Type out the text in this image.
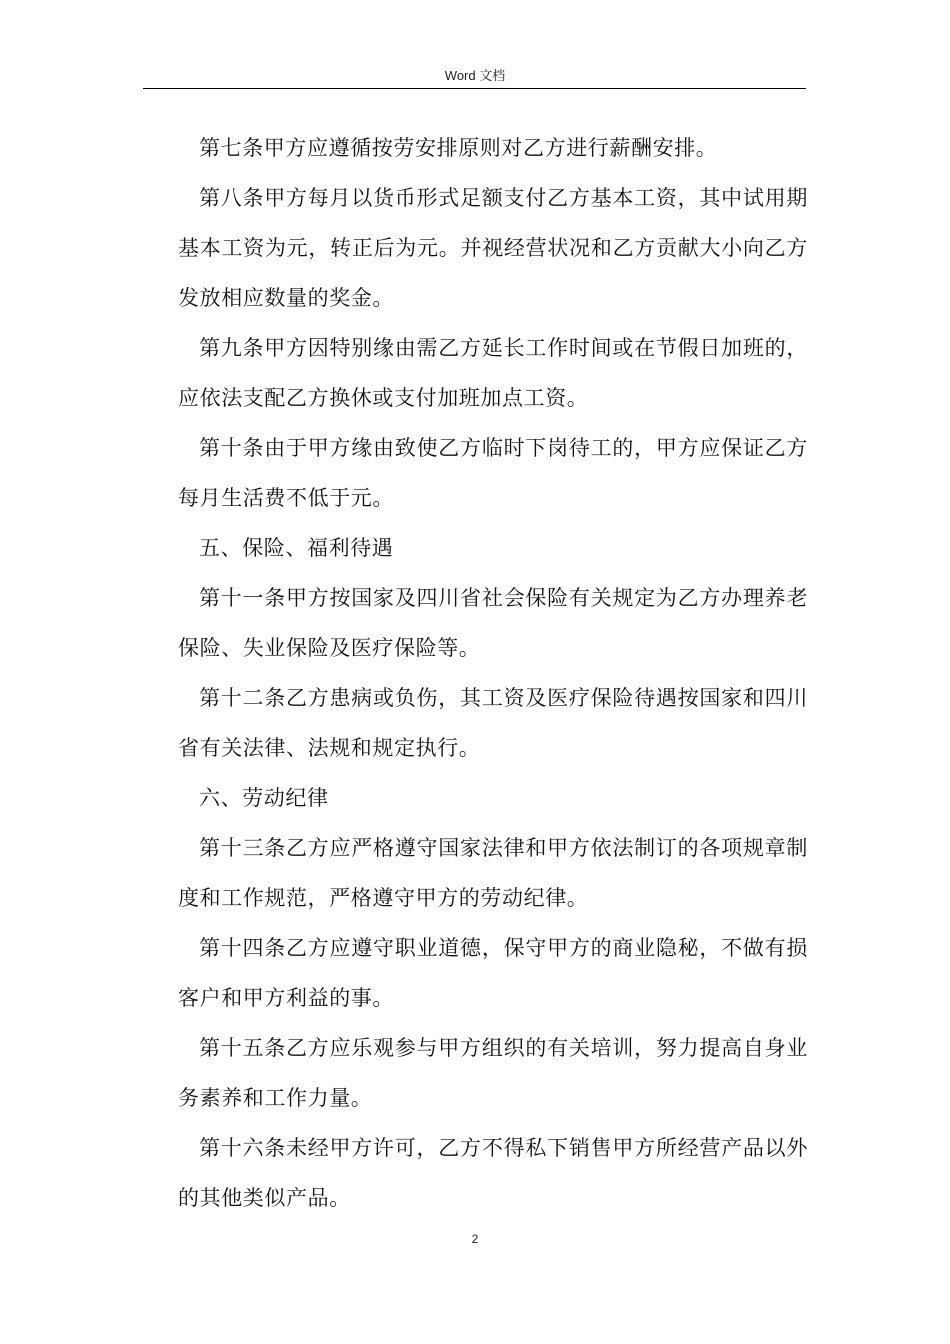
Word 文档

第七条甲方应遵循按劳安排原则对乙方进行薪酬安排。

第八条甲方每月以货币形式足额支付乙方基本工资，其中试用期基本工资为元，转正后为元。并视经营状况和乙方贡献大小向乙方发放相应数量的奖金。

第九条甲方因特别缘由需乙方延长工作时间或在节假日加班的，应依法支配乙方换休或支付加班加点工资。

第十条由于甲方缘由致使乙方临时下岗待工的，甲方应保证乙方每月生活费不低于元。

五、保险、福利待遇

第十一条甲方按国家及四川省社会保险有关规定为乙方办理养老保险、失业保险及医疗保险等。

第十二条乙方患病或负伤，其工资及医疗保险待遇按国家和四川省有关法律、法规和规定执行。

六、劳动纪律

第十三条乙方应严格遵守国家法律和甲方依法制订的各项规章制度和工作规范，严格遵守甲方的劳动纪律。

第十四条乙方应遵守职业道德，保守甲方的商业隐秘，不做有损客户和甲方利益的事。

第十五条乙方应乐观参与甲方组织的有关培训，努力提高自身业务素养和工作力量。

第十六条未经甲方许可，乙方不得私下销售甲方所经营产品以外的其他类似产品。

2
